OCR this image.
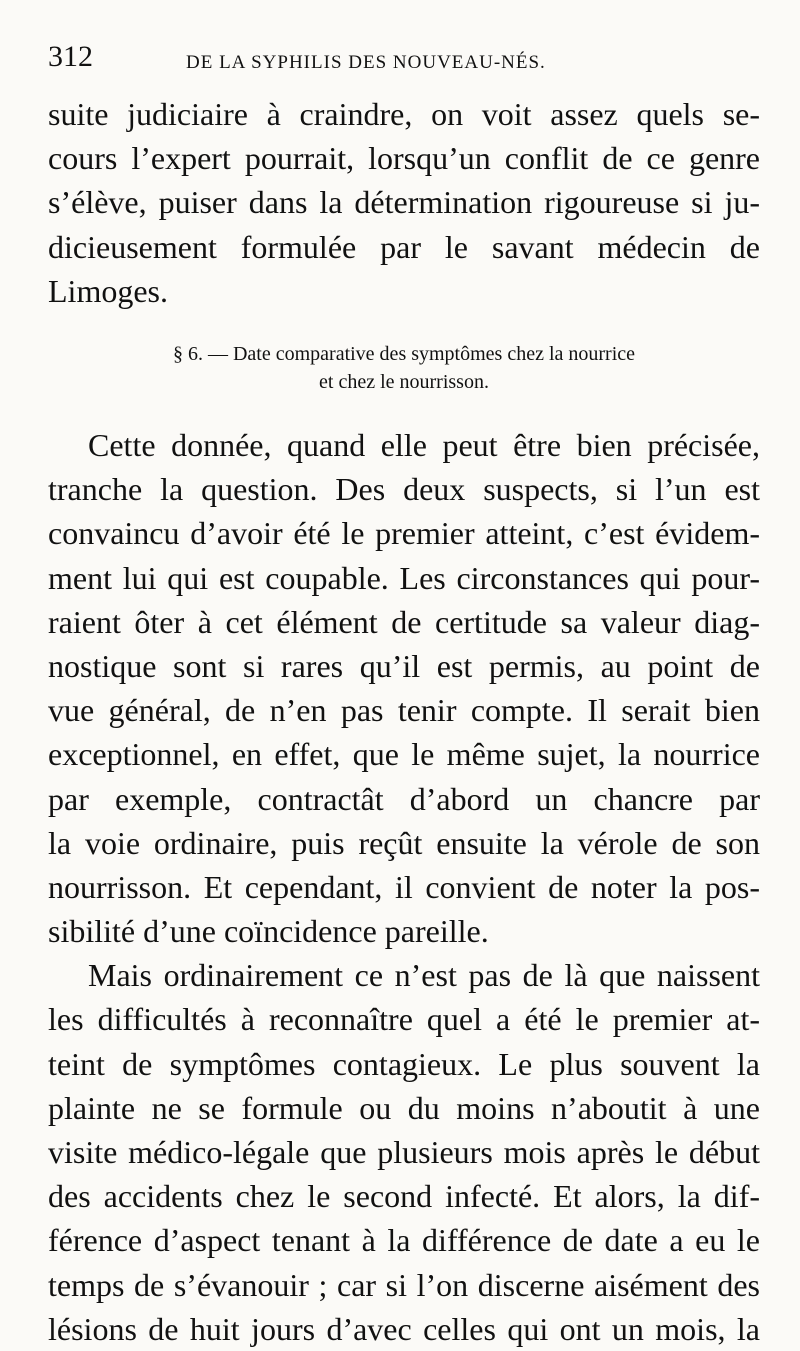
312	DE LA SYPHILIS DES NOUVEAU-NÉS.
suite judiciaire à craindre, on voit assez quels se-
cours l’expert pourrait, lorsqu’un conflit de ce genre
s’élève, puiser dans la détermination rigoureuse si ju-
dicieusement formulée par le savant médecin de
Limoges.
§ 6. — Date comparative des symptômes chez la nourrice
et chez le nourrisson.
Cette donnée, quand elle peut être bien précisée,
tranche la question. Des deux suspects, si l’un est
convaincu d’avoir été le premier atteint, c’est évidem-
ment lui qui est coupable. Les circonstances qui pour-
raient ôter à cet élément de certitude sa valeur diag-
nostique sont si rares qu’il est permis, au point de
vue général, de n’en pas tenir compte. Il serait bien
exceptionnel, en effet, que le même sujet, la nourrice
par exemple, contractât d’abord un chancre par
la voie ordinaire, puis reçût ensuite la vérole de son
nourrisson. Et cependant, il convient de noter la pos-
sibilité d’une coïncidence pareille.
Mais ordinairement ce n’est pas de là que naissent
les difficultés à reconnaître quel a été le premier at-
teint de symptômes contagieux. Le plus souvent la
plainte ne se formule ou du moins n’aboutit à une
visite médico-légale que plusieurs mois après le début
des accidents chez le second infecté. Et alors, la dif-
férence d’aspect tenant à la différence de date a eu le
temps de s’évanouir ; car si l’on discerne aisément des
lésions de huit jours d’avec celles qui ont un mois, la
